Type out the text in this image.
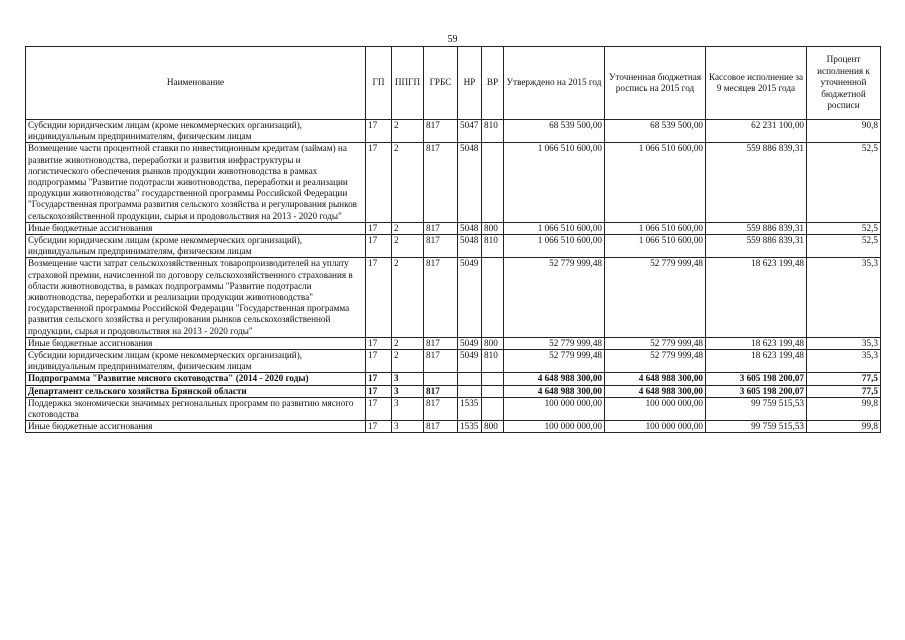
59
Наименование	ГП	ППГП	ГРБС	НР	ВР	Утверждено на 2015 год	Уточненная бюджетная роспись на 2015 год	Кассовое исполнение за 9 месяцев 2015 года	Процент исполнения к уточненной бюджетной росписи
Субсидии юридическим лицам (кроме некоммерческих организаций), индивидуальным предпринимателям, физическим лицам	17	2	817	5047	810	68 539 500,00	68 539 500,00	62 231 100,00	90,8
Возмещение части процентной ставки по инвестиционным кредитам (займам) на развитие животноводства, переработки и развития инфраструктуры и логистического обеспечения рынков продукции животноводства в рамках подпрограммы "Развитие подотрасли животноводства, переработки и реализации продукции животноводства" государственной программы Российской Федерации "Государственная программа развития сельского хозяйства и регулирования рынков сельскохозяйственной продукции, сырья и продовольствия на 2013 - 2020 годы"	17	2	817	5048		1 066 510 600,00	1 066 510 600,00	559 886 839,31	52,5
Иные бюджетные ассигнования	17	2	817	5048	800	1 066 510 600,00	1 066 510 600,00	559 886 839,31	52,5
Субсидии юридическим лицам (кроме некоммерческих организаций), индивидуальным предпринимателям, физическим лицам	17	2	817	5048	810	1 066 510 600,00	1 066 510 600,00	559 886 839,31	52,5
Возмещение части затрат сельскохозяйственных товаропроизводителей на уплату страховой премии, начисленной по договору сельскохозяйственного страхования в области животноводства, в рамках подпрограммы "Развитие подотрасли животноводства, переработки и реализации продукции животноводства" государственной программы Российской Федерации "Государственная программа развития сельского хозяйства и регулирования рынков сельскохозяйственной продукции, сырья и продовольствия на 2013 - 2020 годы"	17	2	817	5049		52 779 999,48	52 779 999,48	18 623 199,48	35,3
Иные бюджетные ассигнования	17	2	817	5049	800	52 779 999,48	52 779 999,48	18 623 199,48	35,3
Субсидии юридическим лицам (кроме некоммерческих организаций), индивидуальным предпринимателям, физическим лицам	17	2	817	5049	810	52 779 999,48	52 779 999,48	18 623 199,48	35,3
Подпрограмма "Развитие мясного скотоводства" (2014 - 2020 годы)	17	3				4 648 988 300,00	4 648 988 300,00	3 605 198 200,07	77,5
Департамент сельского хозяйства Брянской области	17	3	817			4 648 988 300,00	4 648 988 300,00	3 605 198 200,07	77,5
Поддержка экономически значимых региональных программ по развитию мясного скотоводства	17	3	817	1535		100 000 000,00	100 000 000,00	99 759 515,53	99,8
Иные бюджетные ассигнования	17	3	817	1535	800	100 000 000,00	100 000 000,00	99 759 515,53	99,8
